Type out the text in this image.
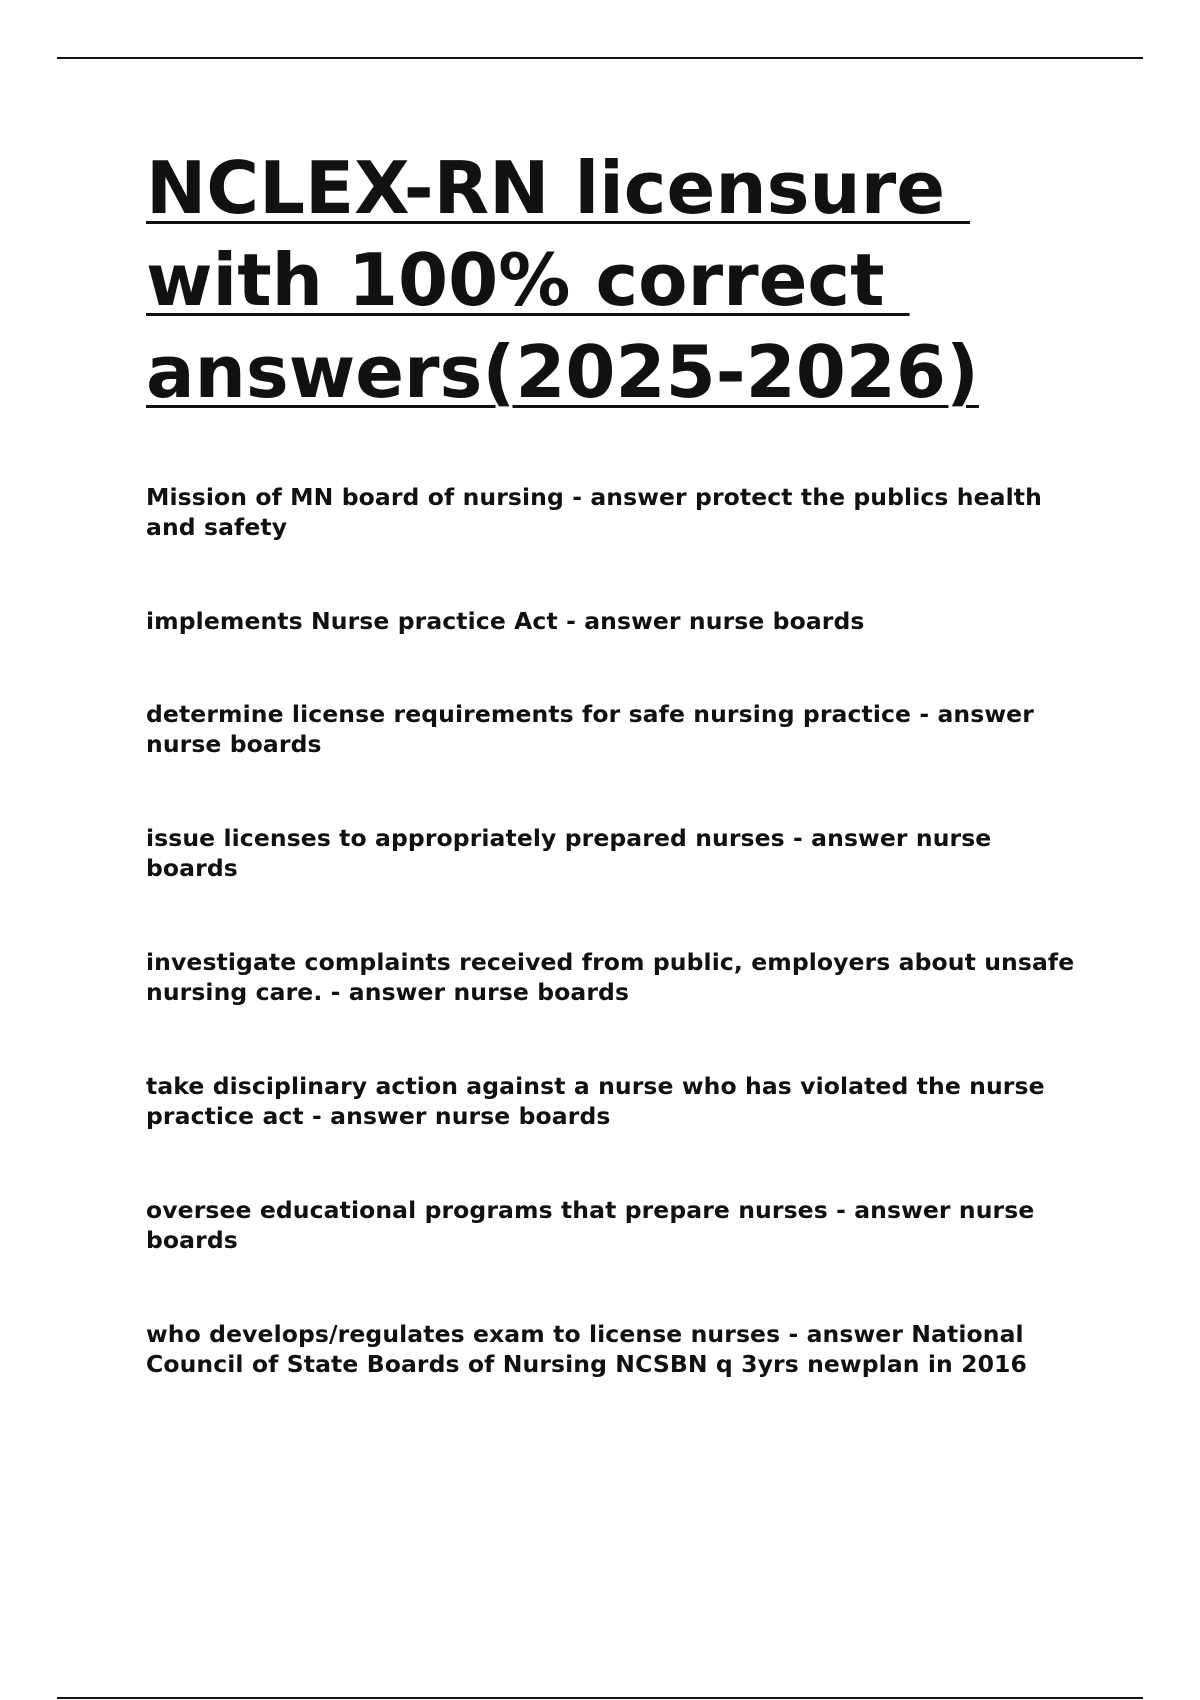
NCLEX-RN licensure
with 100% correct
answers(2025-2026)
Mission of MN board of nursing - answer protect the publics health and safety
implements Nurse practice Act - answer nurse boards
determine license requirements for safe nursing practice - answer nurse boards
issue licenses to appropriately prepared nurses - answer nurse boards
investigate complaints received from public, employers about unsafe nursing care. - answer nurse boards
take disciplinary action against a nurse who has violated the nurse practice act - answer nurse boards
oversee educational programs that prepare nurses - answer nurse boards
who develops/regulates exam to license nurses - answer National Council of State Boards of Nursing NCSBN q 3yrs newplan in 2016
